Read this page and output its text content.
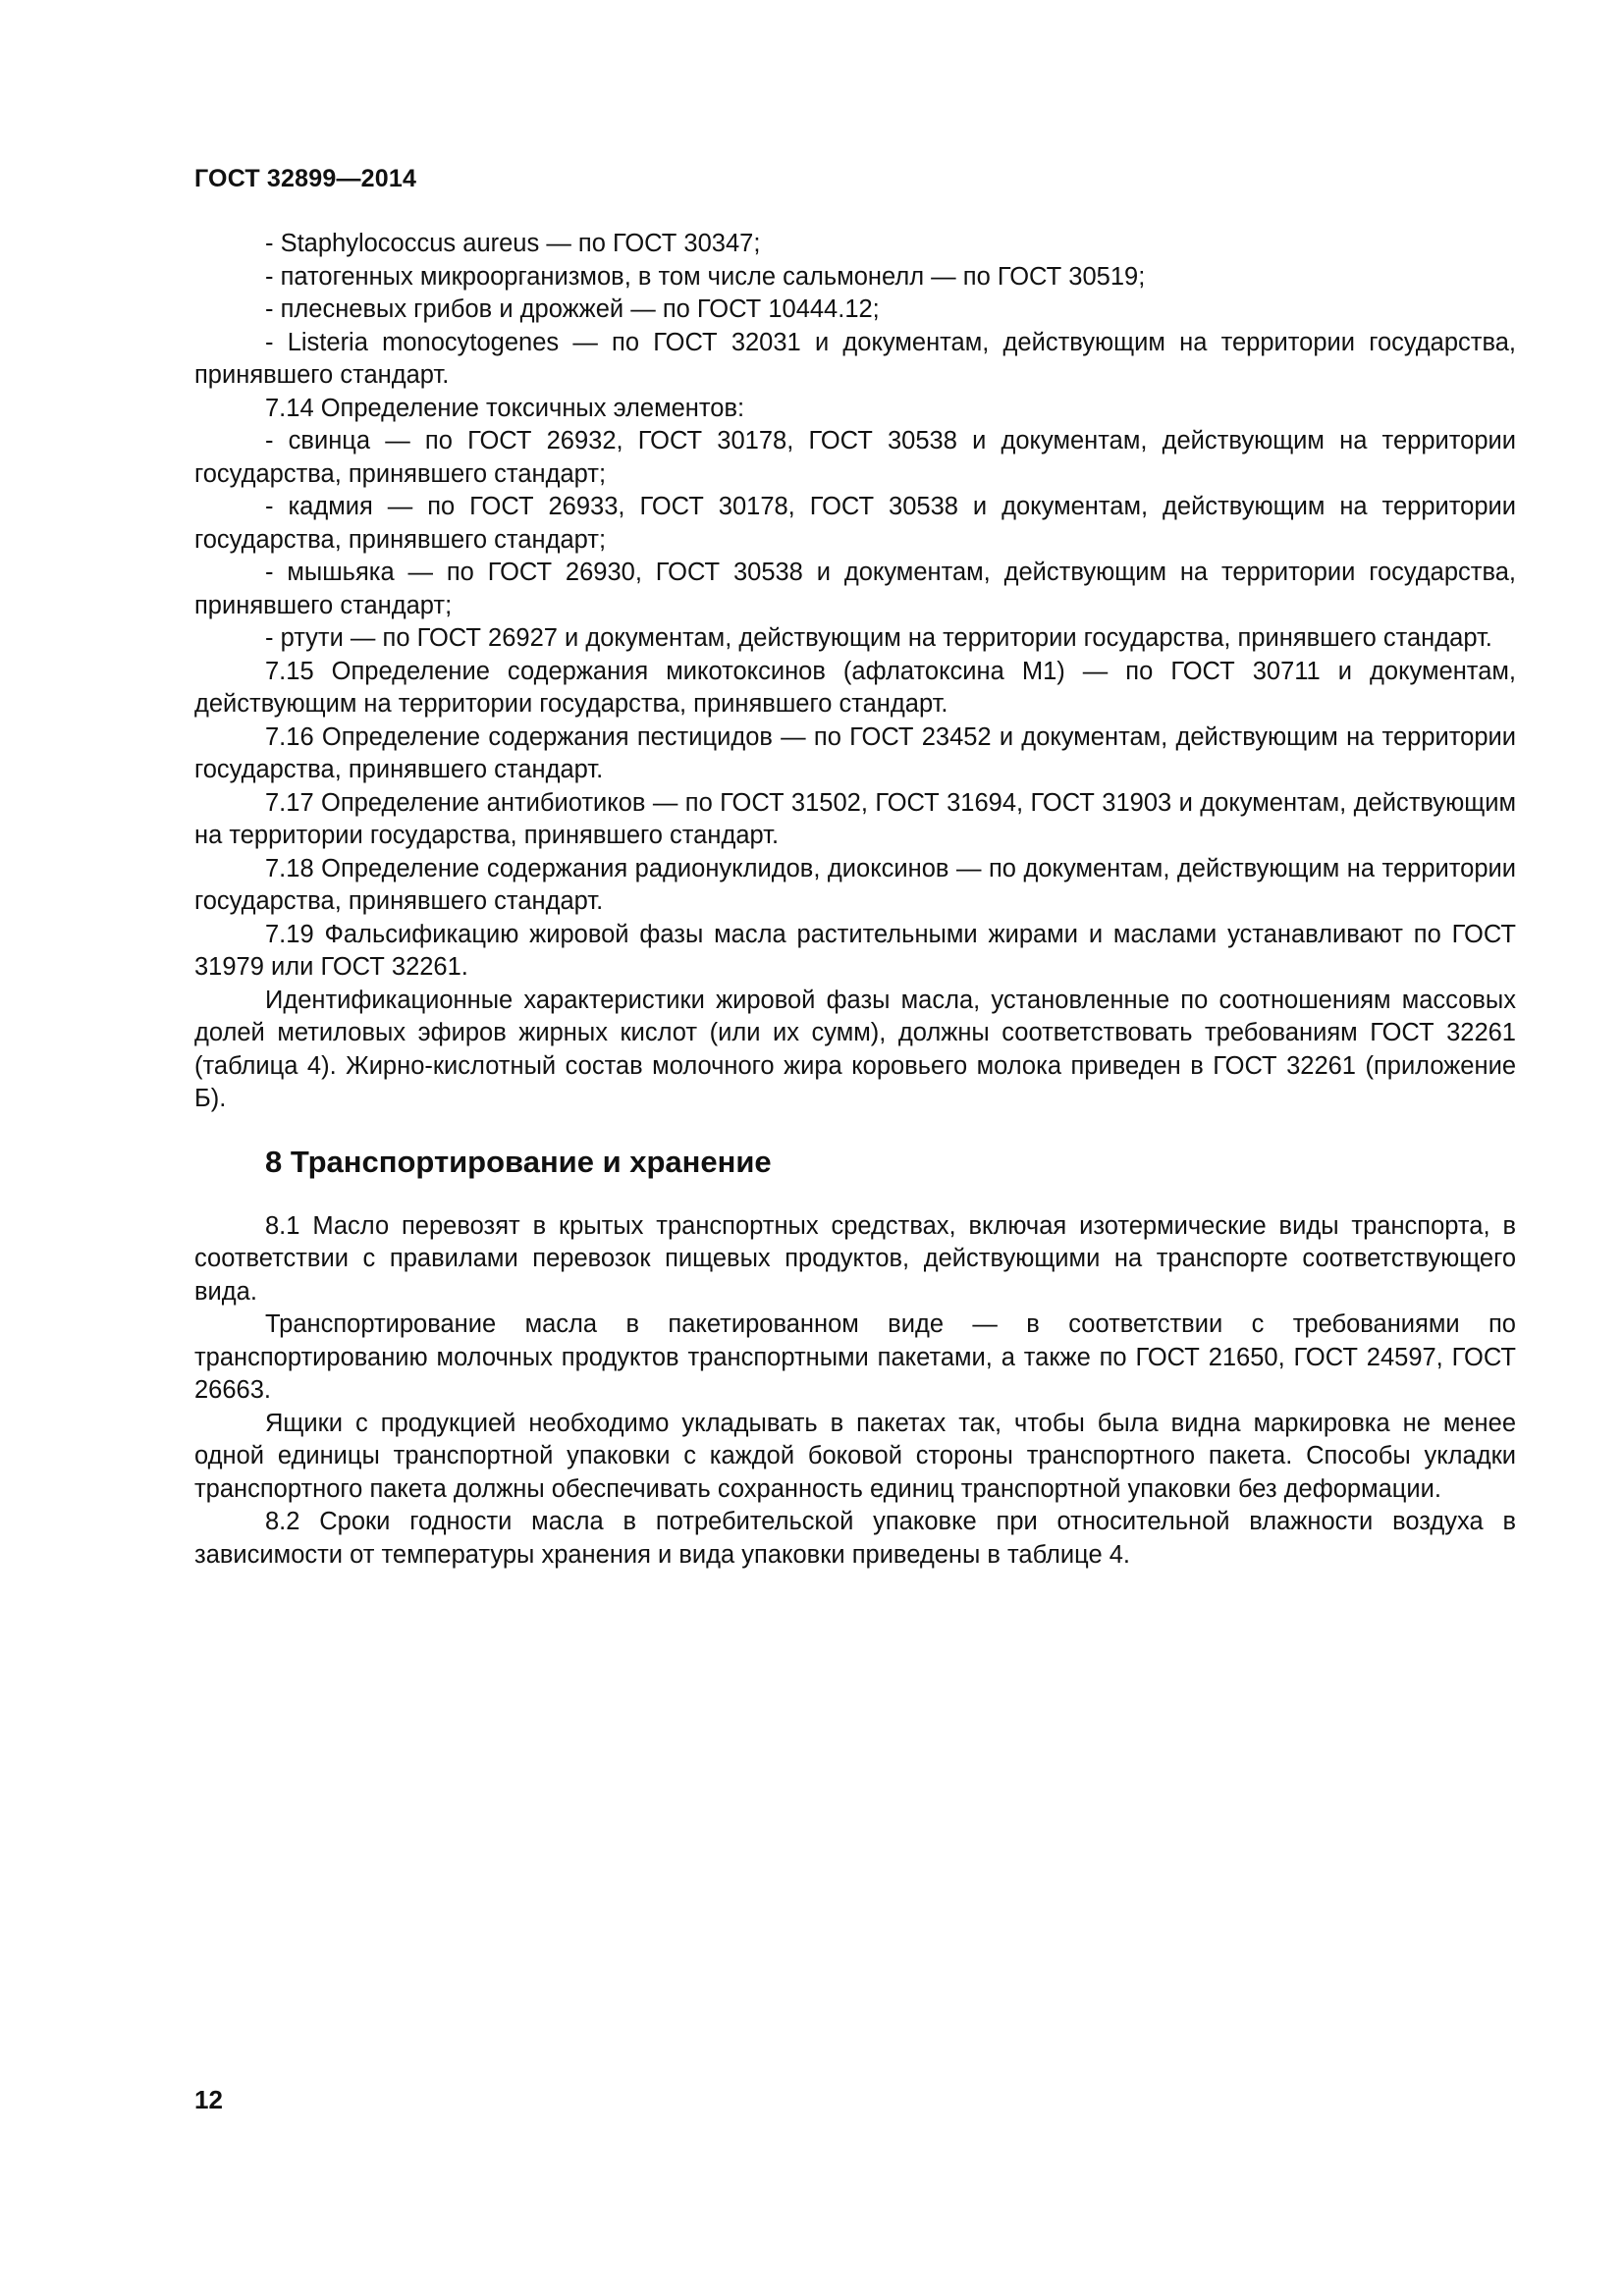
ГОСТ 32899—2014

- Staphylococcus aureus — по ГОСТ 30347;

- патогенных микроорганизмов, в том числе сальмонелл — по ГОСТ 30519;

- плесневых грибов и дрожжей — по ГОСТ 10444.12;

- Listeria monocytogenes — по ГОСТ 32031 и документам, действующим на территории государства, принявшего стандарт.

7.14 Определение токсичных элементов:

- свинца — по ГОСТ 26932, ГОСТ 30178, ГОСТ 30538 и документам, действующим на территории государства, принявшего стандарт;

- кадмия — по ГОСТ 26933, ГОСТ 30178, ГОСТ 30538 и документам, действующим на территории государства, принявшего стандарт;

- мышьяка — по ГОСТ 26930, ГОСТ 30538 и документам, действующим на территории государства, принявшего стандарт;

- ртути — по ГОСТ 26927 и документам, действующим на территории государства, принявшего стандарт.

7.15 Определение содержания микотоксинов (афлатоксина М1) — по ГОСТ 30711 и документам, действующим на территории государства, принявшего стандарт.

7.16 Определение содержания пестицидов — по ГОСТ 23452 и документам, действующим на территории государства, принявшего стандарт.

7.17 Определение антибиотиков — по ГОСТ 31502, ГОСТ 31694, ГОСТ 31903 и документам, действующим на территории государства, принявшего стандарт.

7.18 Определение содержания радионуклидов, диоксинов — по документам, действующим на территории государства, принявшего стандарт.

7.19 Фальсификацию жировой фазы масла растительными жирами и маслами устанавливают по ГОСТ 31979 или ГОСТ 32261.

Идентификационные характеристики жировой фазы масла, установленные по соотношениям массовых долей метиловых эфиров жирных кислот (или их сумм), должны соответствовать требованиям ГОСТ 32261 (таблица 4). Жирно-кислотный состав молочного жира коровьего молока приведен в ГОСТ 32261 (приложение Б).

8 Транспортирование и хранение

8.1 Масло перевозят в крытых транспортных средствах, включая изотермические виды транспорта, в соответствии с правилами перевозок пищевых продуктов, действующими на транспорте соответствующего вида.

Транспортирование масла в пакетированном виде — в соответствии с требованиями по транспортированию молочных продуктов транспортными пакетами, а также по ГОСТ 21650, ГОСТ 24597, ГОСТ 26663.

Ящики с продукцией необходимо укладывать в пакетах так, чтобы была видна маркировка не менее одной единицы транспортной упаковки с каждой боковой стороны транспортного пакета. Способы укладки транспортного пакета должны обеспечивать сохранность единиц транспортной упаковки без деформации.

8.2 Сроки годности масла в потребительской упаковке при относительной влажности воздуха в зависимости от температуры хранения и вида упаковки приведены в таблице 4.

12
